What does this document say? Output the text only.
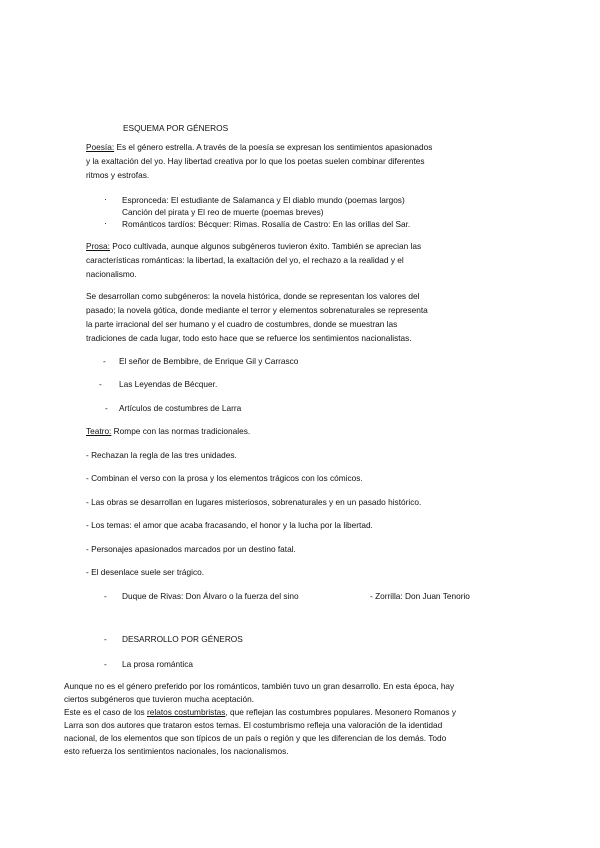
ESQUEMA POR GÉNEROS
Poesía: Es el género estrella. A través de la poesía se expresan los sentimientos apasionados
y la exaltación del yo. Hay libertad creativa por lo que los poetas suelen combinar diferentes
ritmos y estrofas.
· Espronceda: El estudiante de Salamanca y El diablo mundo (poemas largos)
Canción del pirata y El reo de muerte (poemas breves)
· Románticos tardíos: Bécquer: Rimas. Rosalía de Castro: En las orillas del Sar.
Prosa: Poco cultivada, aunque algunos subgéneros tuvieron éxito. También se aprecian las
características románticas: la libertad, la exaltación del yo, el rechazo a la realidad y el
nacionalismo.
Se desarrollan como subgéneros: la novela histórica, donde se representan los valores del
pasado; la novela gótica, donde mediante el terror y elementos sobrenaturales se representa
la parte irracional del ser humano y el cuadro de costumbres, donde se muestran las
tradiciones de cada lugar, todo esto hace que se refuerce los sentimientos nacionalistas.
- El señor de Bembibre, de Enrique Gil y Carrasco
- Las Leyendas de Bécquer.
- Artículos de costumbres de Larra
Teatro: Rompe con las normas tradicionales.
- Rechazan la regla de las tres unidades.
- Combinan el verso con la prosa y los elementos trágicos con los cómicos.
- Las obras se desarrollan en lugares misteriosos, sobrenaturales y en un pasado histórico.
- Los temas: el amor que acaba fracasando, el honor y la lucha por la libertad.
- Personajes apasionados marcados por un destino fatal.
- El desenlace suele ser trágico.
- Duque de Rivas: Don Álvaro o la fuerza del sino	- Zorrilla: Don Juan Tenorio
- DESARROLLO POR GÉNEROS
- La prosa romántica
Aunque no es el género preferido por los románticos, también tuvo un gran desarrollo. En esta época, hay
ciertos subgéneros que tuvieron mucha aceptación.
Este es el caso de los relatos costumbristas, que reflejan las costumbres populares. Mesonero Romanos y
Larra son dos autores que trataron estos temas. El costumbrismo refleja una valoración de la identidad
nacional, de los elementos que son típicos de un país o región y que les diferencian de los demás. Todo
esto refuerza los sentimientos nacionales, los nacionalismos.
